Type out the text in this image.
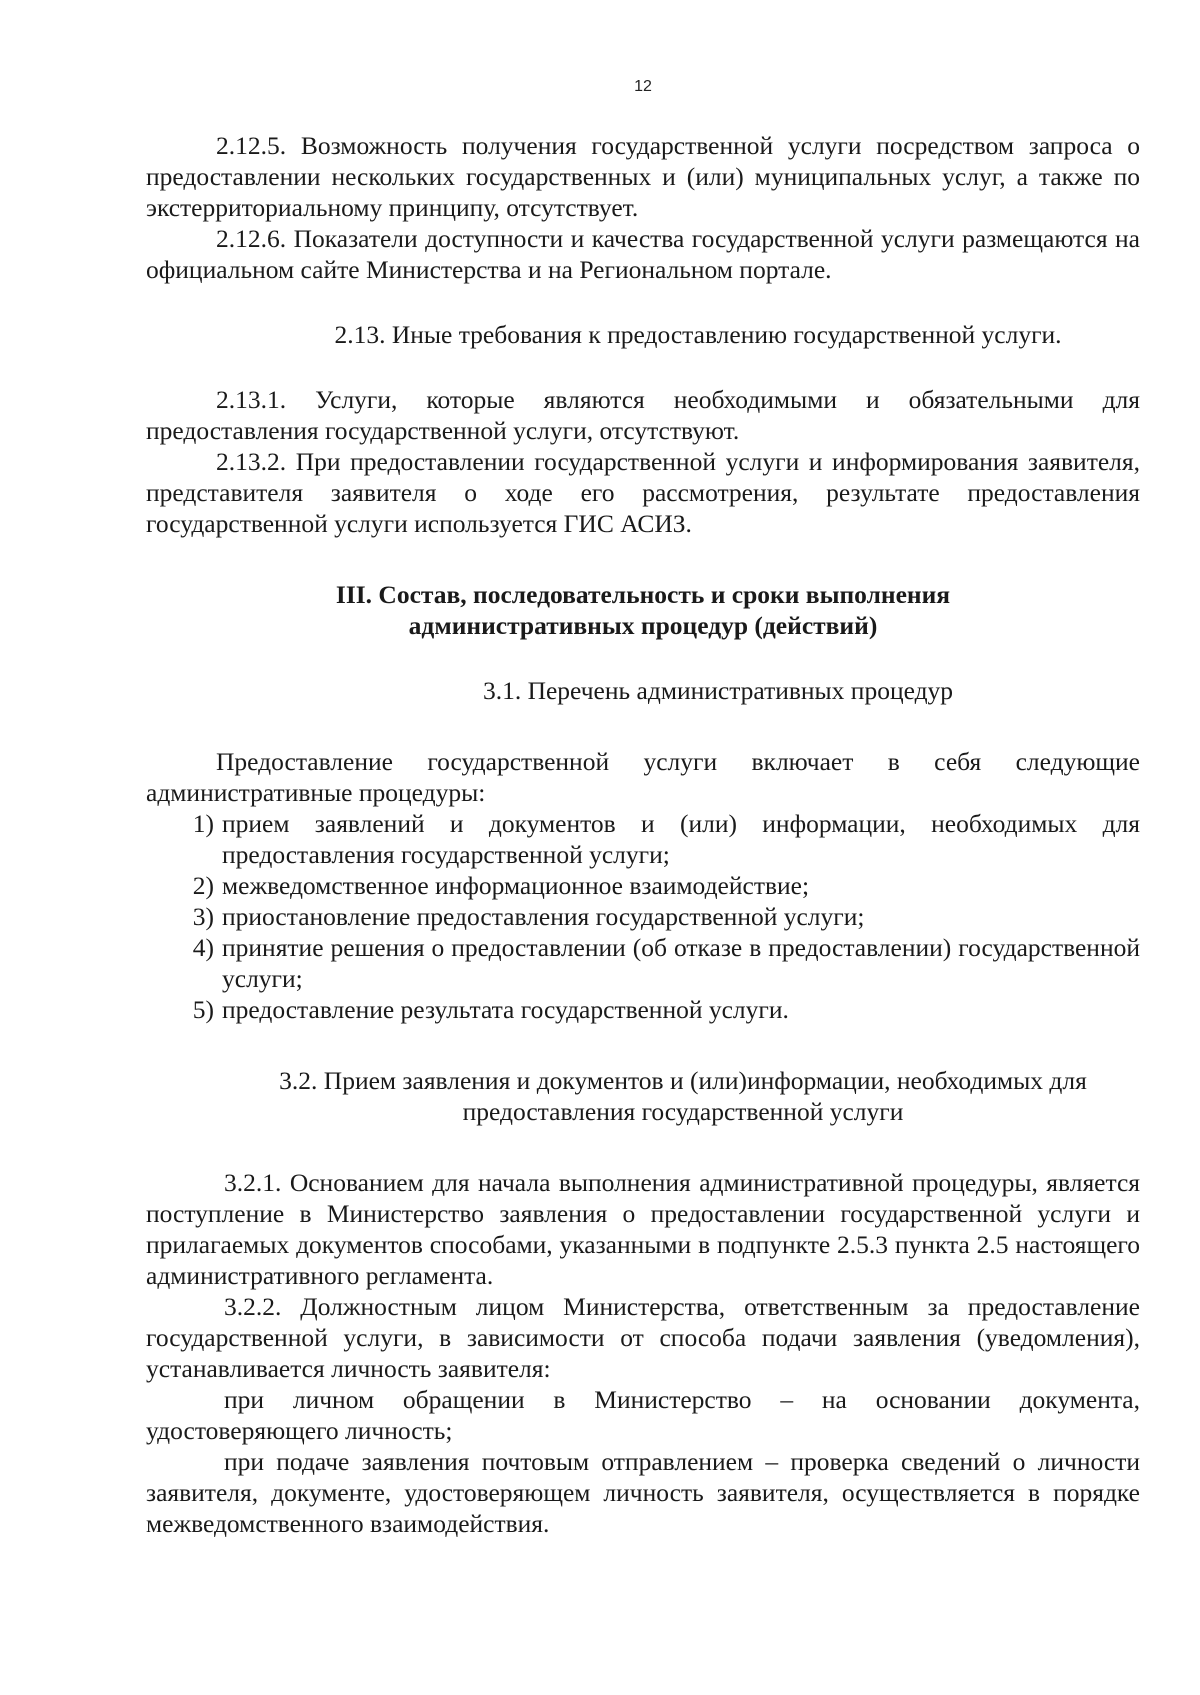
12

2.12.5. Возможность получения государственной услуги посредством запроса о предоставлении нескольких государственных и (или) муниципальных услуг, а также по экстерриториальному принципу, отсутствует.

2.12.6. Показатели доступности и качества государственной услуги размещаются на официальном сайте Министерства и на Региональном портале.

2.13. Иные требования к предоставлению государственной услуги.

2.13.1. Услуги, которые являются необходимыми и обязательными для предоставления государственной услуги, отсутствуют.

2.13.2. При предоставлении государственной услуги и информирования заявителя, представителя заявителя о ходе его рассмотрения, результате предоставления государственной услуги используется ГИС АСИЗ.

III. Состав, последовательность и сроки выполнения
административных процедур (действий)
3.1. Перечень административных процедур

Предоставление государственной услуги включает в себя следующие административные процедуры:

1) прием заявлений и документов и (или) информации, необходимых для предоставления государственной услуги;
2) межведомственное информационное взаимодействие;
3) приостановление предоставления государственной услуги;
4) принятие решения о предоставлении (об отказе в предоставлении) государственной услуги;
5) предоставление результата государственной услуги.
3.2. Прием заявления и документов и (или)информации, необходимых для
предоставления государственной услуги

3.2.1. Основанием для начала выполнения административной процедуры, является поступление в Министерство заявления о предоставлении государственной услуги и прилагаемых документов способами, указанными в подпункте 2.5.3 пункта 2.5 настоящего административного регламента.

3.2.2. Должностным лицом Министерства, ответственным за предоставление государственной услуги, в зависимости от способа подачи заявления (уведомления), устанавливается личность заявителя:

при личном обращении в Министерство – на основании документа, удостоверяющего личность;

при подаче заявления почтовым отправлением – проверка сведений о личности заявителя, документе, удостоверяющем личность заявителя, осуществляется в порядке межведомственного взаимодействия.
